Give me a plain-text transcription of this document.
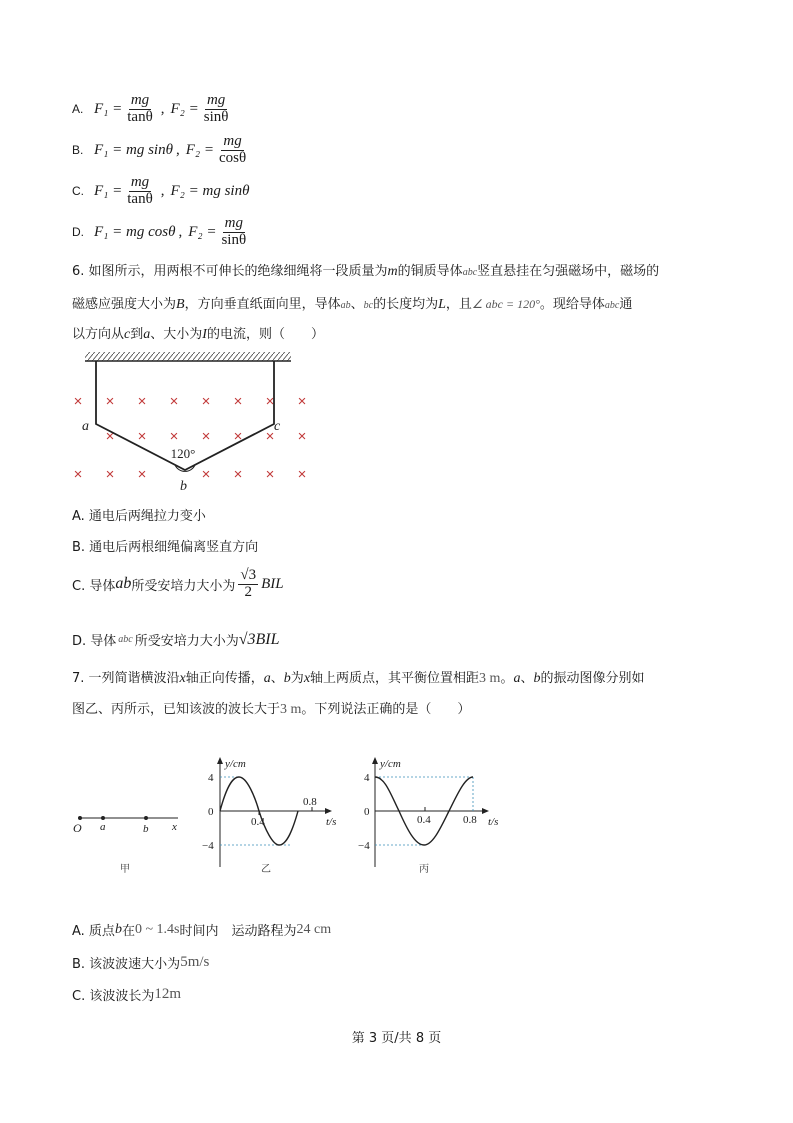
A. $F_1 = \frac{mg}{\tan\theta}$ , $F_2 = \frac{mg}{\sin\theta}$
B. F₁ = mg sinθ , $F_2 = \frac{mg}{\cos\theta}$
C. $F_1 = \frac{mg}{\tan\theta}$ , F₂ = mg sinθ
D. F₁ = mg cosθ , $F_2 = \frac{mg}{\sin\theta}$
6. 如图所示，用两根不可伸长的绝缘细绳将一段质量为m的铜质导体abc竖直悬挂在匀强磁场中，磁场的
磁感应强度大小为B，方向垂直纸面向里，导体ab、bc的长度均为L，且∠ abc = 120°。现给导体abc通
以方向从c到a、大小为I的电流，则（　　）
× × × × × × × ×
× × × × × × ×
× × ×	× × × ×
120°
a	c
b
A. 通电后两绳拉力变小
B. 通电后两根细绳偏离竖直方向
C. 导体 ab 所受安培力大小为 $\frac{√3}{2}$ BIL
D. 导体 abc 所受安培力大小为 √3BIL
7. 一列简谐横波沿x轴正向传播，a、b为x轴上两质点，其平衡位置相距3 m。a、b的振动图像分别如
图乙、丙所示，已知该波的波长大于3 m。下列说法正确的是（　　）
O a	b x
甲
y/cm
4
0
−4
0.4
0.8
t/s
乙
y/cm
4
0
−4
0.4	0.8 t/s
丙
A. 质点 b 在 0 ~ 1.4s 时间内　运动路程为 24 cm
B. 该波波速大小为 5m/s
C. 该波波长为 12m
第 3 页/共 8 页
